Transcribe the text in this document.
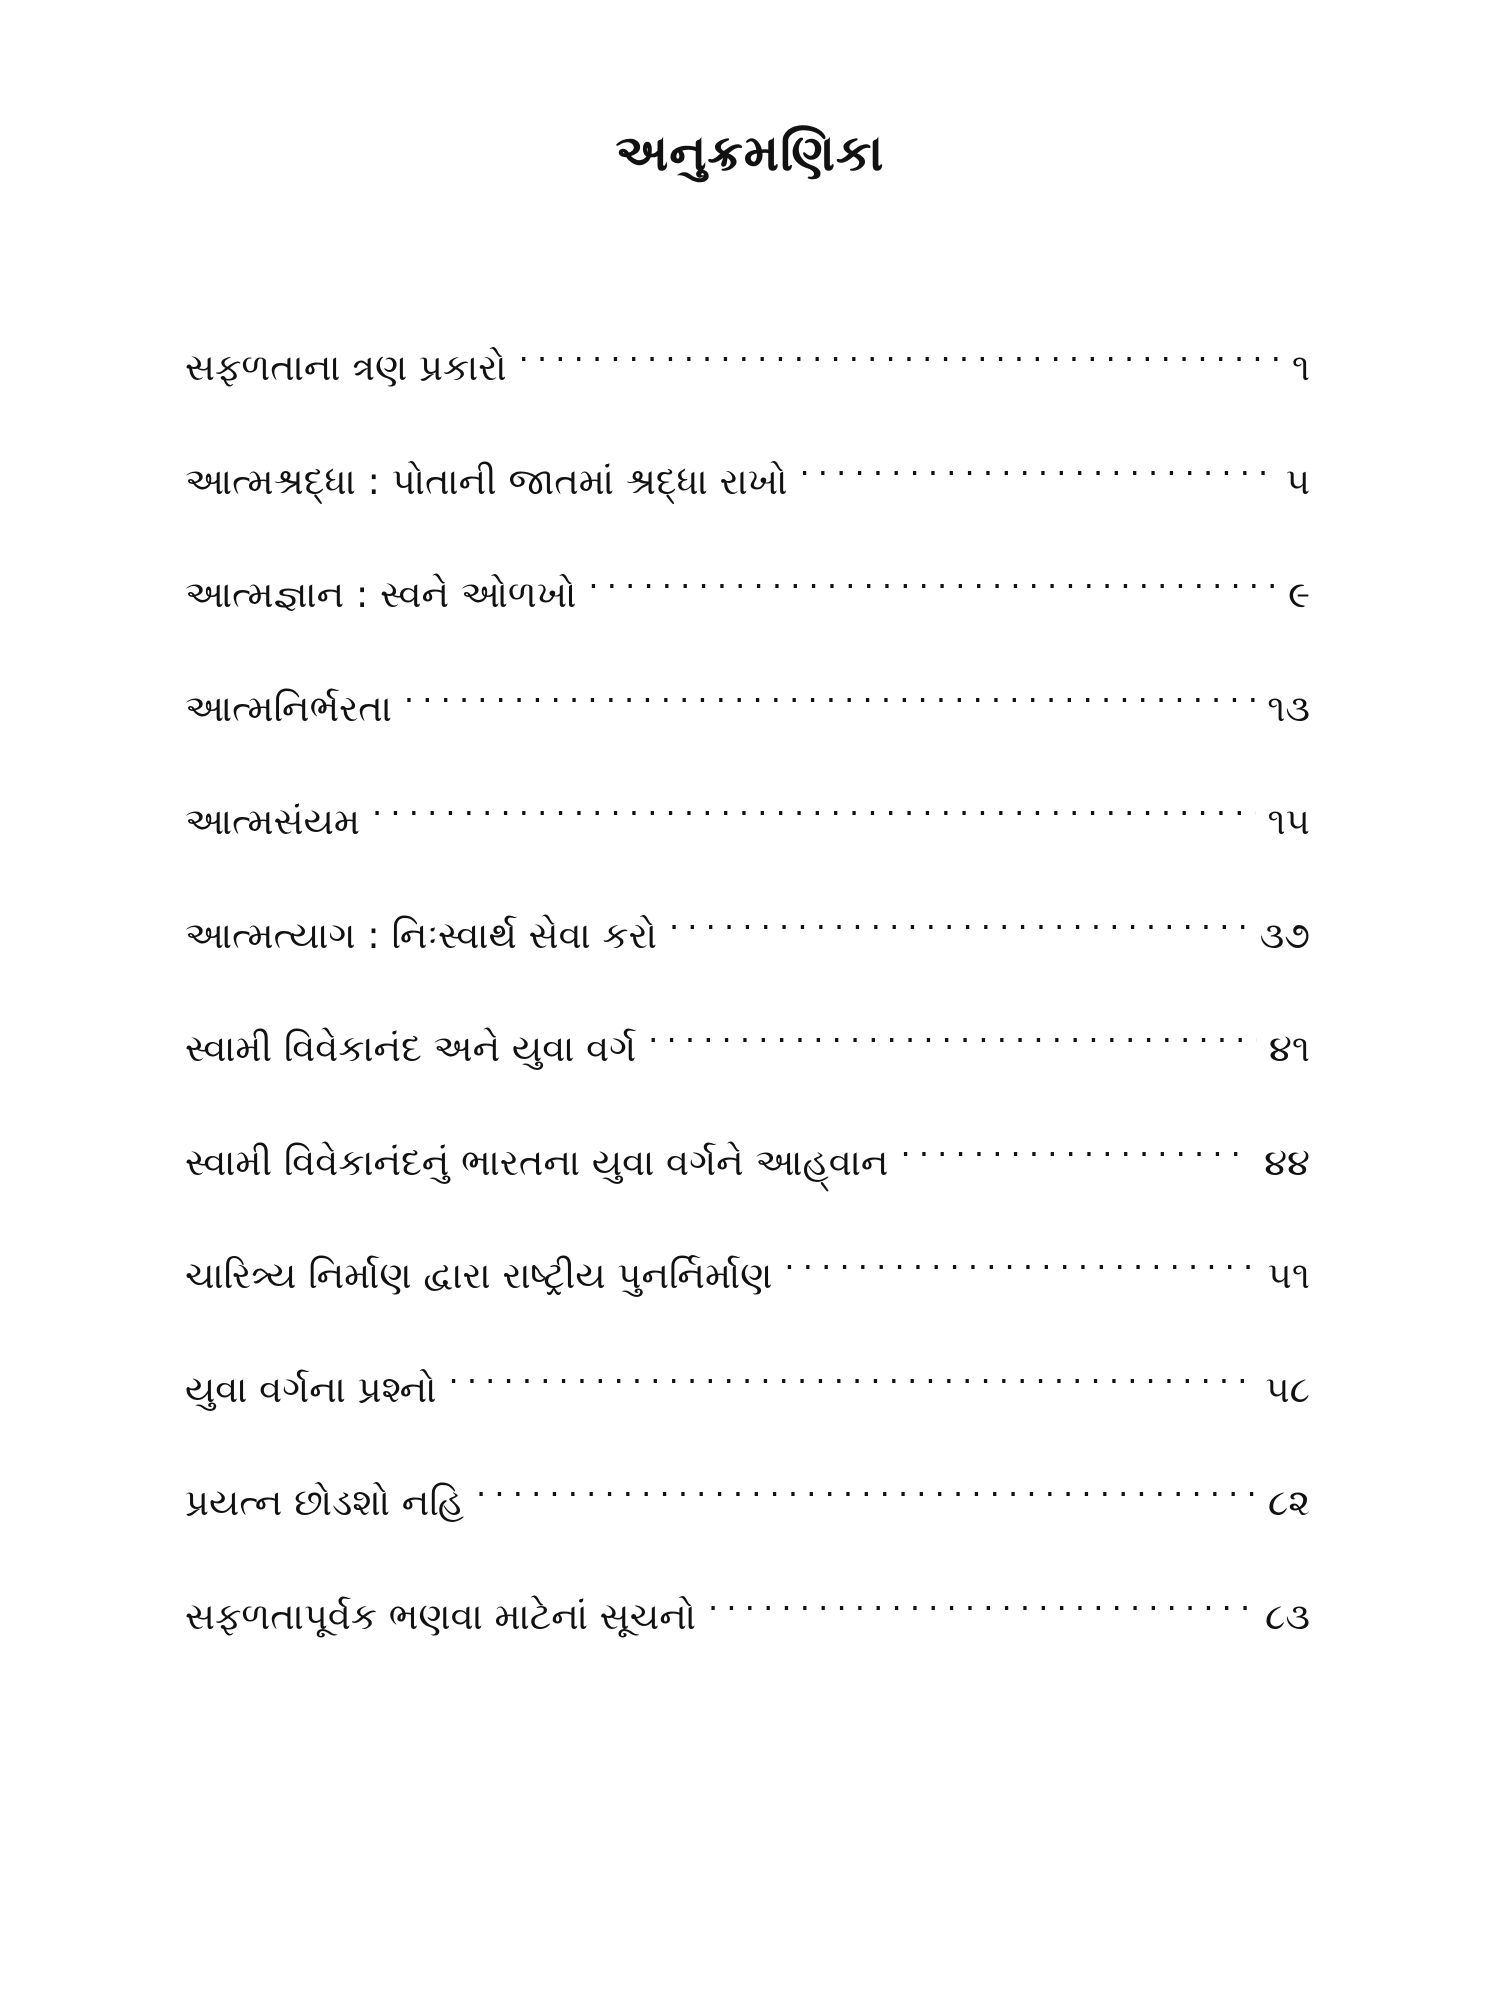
અનુક્રમણિકા
સફળતાના ત્રણ પ્રકારો . . .	૧
આત્મશ્રદ્ધા : પોતાની જાતમાં શ્રદ્ધા રાખો . . .	૫
આત્મજ્ઞાન : સ્વને ઓળખો . . .	૯
આત્મનિર્ભરતા . . .	૧૩
આત્મસંયમ . . .	૧૫
આત્મત્યાગ : નિઃસ્વાર્થ સેવા કરો . . .	૩૭
સ્વામી વિવેકાનંદ અને યુવા વર્ગ . . .	૪૧
સ્વામી વિવેકાનંદનું ભારતના યુવા વર્ગને આહ્‌વાન . . .	૪૪
ચારિત્ર્ય નિર્માણ દ્વારા રાષ્ટ્રીય પુનર્નિર્માણ . . .	૫૧
યુવા વર્ગના પ્રશ્નો . . .	૫૮
પ્રયત્ન છોડશો નહિ . . .	૮૨
સફળતાપૂર્વક ભણવા માટેનાં સૂચનો . . .	૮૩
